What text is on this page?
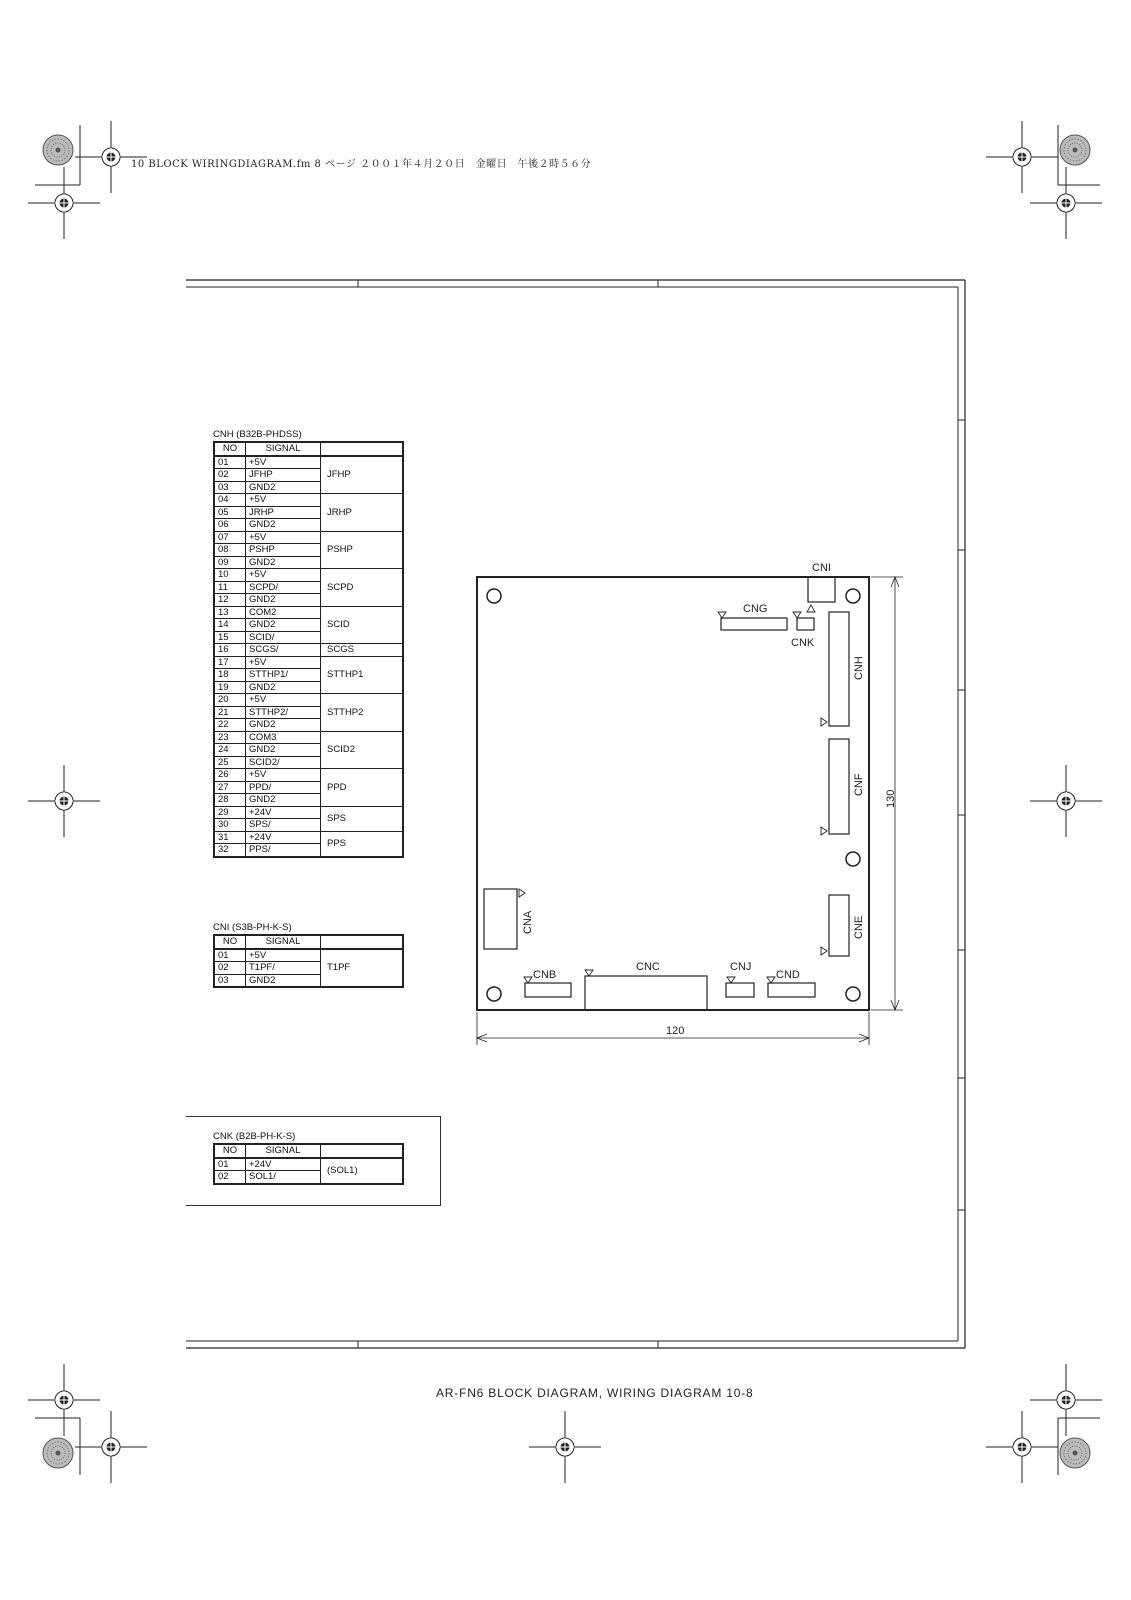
10 BLOCK WIRINGDIAGRAM.fm 8 ページ ２００１年４月２０日　金曜日　午後２時５６分
CNI
CNG
CNK
CNH
CNF
CNE
CNA
CNB
CNC	CNJ
CND
120
130
CNH (B32B-PHDSS)
NO	SIGNAL	
01	+5V	JFHP
02	JFHP	
03	GND2	
04	+5V	JRHP
05	JRHP	
06	GND2	
07	+5V	PSHP
08	PSHP	
09	GND2	
10	+5V	SCPD
11	SCPD/	
12	GND2	
13	COM2	SCID
14	GND2	
15	SCID/	
16	SCGS/	SCGS
17	+5V	STTHP1
18	STTHP1/	
19	GND2	
20	+5V	STTHP2
21	STTHP2/	
22	GND2	
23	COM3	SCID2
24	GND2	
25	SCID2/	
26	+5V	PPD
27	PPD/	
28	GND2	
29	+24V	SPS
30	SPS/	
31	+24V	PPS
32	PPS/	
CNI (S3B-PH-K-S)
NO	SIGNAL	
01	+5V	T1PF
02	T1PF/	
03	GND2	
CNK (B2B-PH-K-S)
NO	SIGNAL	
01	+24V	(SOL1)
02	SOL1/	
AR-FN6 BLOCK DIAGRAM, WIRING DIAGRAM 10-8
